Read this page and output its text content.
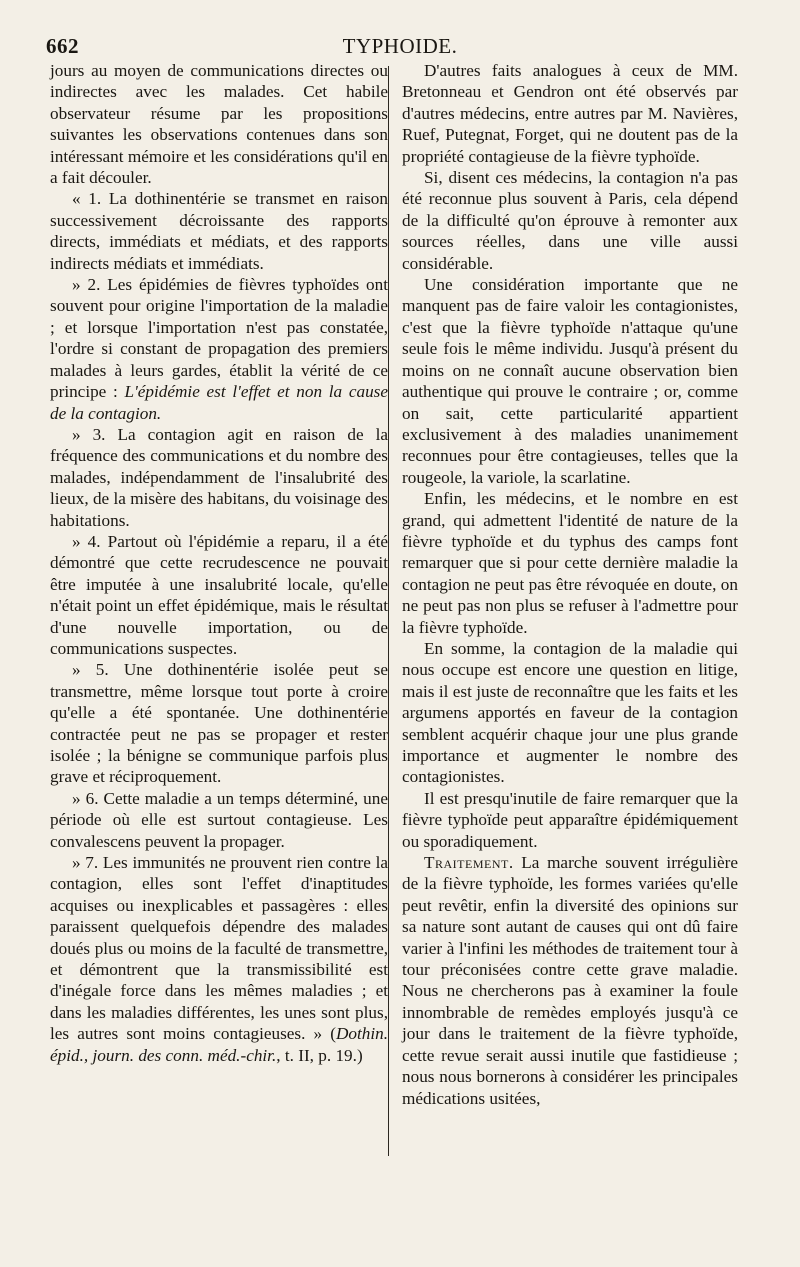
662	TYPHOIDE.

jours au moyen de communications directes ou indirectes avec les malades. Cet habile observateur résume par les propositions suivantes les observations contenues dans son intéressant mémoire et les considérations qu'il en a fait découler.

« 1. La dothinentérie se transmet en raison successivement décroissante des rapports directs, immédiats et médiats, et des rapports indirects médiats et immédiats.

» 2. Les épidémies de fièvres typhoïdes ont souvent pour origine l'importation de la maladie ; et lorsque l'importation n'est pas constatée, l'ordre si constant de propagation des premiers malades à leurs gardes, établit la vérité de ce principe : L'épidémie est l'effet et non la cause de la contagion.

» 3. La contagion agit en raison de la fréquence des communications et du nombre des malades, indépendamment de l'insalubrité des lieux, de la misère des habitans, du voisinage des habitations.

» 4. Partout où l'épidémie a reparu, il a été démontré que cette recrudescence ne pouvait être imputée à une insalubrité locale, qu'elle n'était point un effet épidémique, mais le résultat d'une nouvelle importation, ou de communications suspectes.

» 5. Une dothinentérie isolée peut se transmettre, même lorsque tout porte à croire qu'elle a été spontanée. Une dothinentérie contractée peut ne pas se propager et rester isolée ; la bénigne se communique parfois plus grave et réciproquement.

» 6. Cette maladie a un temps déterminé, une période où elle est surtout contagieuse. Les convalescens peuvent la propager.

» 7. Les immunités ne prouvent rien contre la contagion, elles sont l'effet d'inaptitudes acquises ou inexplicables et passagères : elles paraissent quelquefois dépendre des malades doués plus ou moins de la faculté de transmettre, et démontrent que la transmissibilité est d'inégale force dans les mêmes maladies ; et dans les maladies différentes, les unes sont plus, les autres sont moins contagieuses. » (Dothin. épid., journ. des conn. méd.-chir., t. II, p. 19.)

D'autres faits analogues à ceux de MM. Bretonneau et Gendron ont été observés par d'autres médecins, entre autres par M. Navières, Ruef, Putegnat, Forget, qui ne doutent pas de la propriété contagieuse de la fièvre typhoïde.

Si, disent ces médecins, la contagion n'a pas été reconnue plus souvent à Paris, cela dépend de la difficulté qu'on éprouve à remonter aux sources réelles, dans une ville aussi considérable.

Une considération importante que ne manquent pas de faire valoir les contagionistes, c'est que la fièvre typhoïde n'attaque qu'une seule fois le même individu. Jusqu'à présent du moins on ne connaît aucune observation bien authentique qui prouve le contraire ; or, comme on sait, cette particularité appartient exclusivement à des maladies unanimement reconnues pour être contagieuses, telles que la rougeole, la variole, la scarlatine.

Enfin, les médecins, et le nombre en est grand, qui admettent l'identité de nature de la fièvre typhoïde et du typhus des camps font remarquer que si pour cette dernière maladie la contagion ne peut pas être révoquée en doute, on ne peut pas non plus se refuser à l'admettre pour la fièvre typhoïde.

En somme, la contagion de la maladie qui nous occupe est encore une question en litige, mais il est juste de reconnaître que les faits et les argumens apportés en faveur de la contagion semblent acquérir chaque jour une plus grande importance et augmenter le nombre des contagionistes.

Il est presqu'inutile de faire remarquer que la fièvre typhoïde peut apparaître épidémiquement ou sporadiquement.

Traitement. La marche souvent irrégulière de la fièvre typhoïde, les formes variées qu'elle peut revêtir, enfin la diversité des opinions sur sa nature sont autant de causes qui ont dû faire varier à l'infini les méthodes de traitement tour à tour préconisées contre cette grave maladie. Nous ne chercherons pas à examiner la foule innombrable de remèdes employés jusqu'à ce jour dans le traitement de la fièvre typhoïde, cette revue serait aussi inutile que fastidieuse ; nous nous bornerons à considérer les principales médications usitées,
